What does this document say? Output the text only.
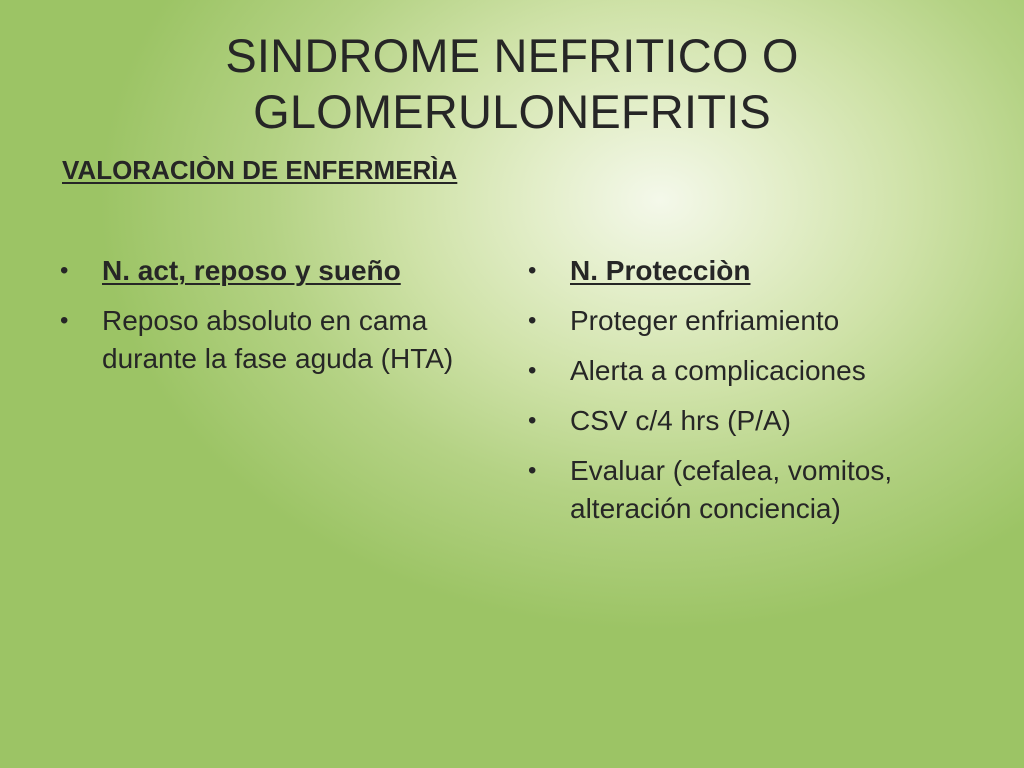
SINDROME NEFRITICO O
GLOMERULONEFRITIS
VALORACIÒN DE ENFERMERÌA
• N. act, reposo y sueño
• Reposo absoluto en cama durante la fase aguda (HTA)
• N. Protecciòn
• Proteger enfriamiento
• Alerta a complicaciones
• CSV c/4 hrs (P/A)
• Evaluar (cefalea, vomitos, alteración conciencia)
